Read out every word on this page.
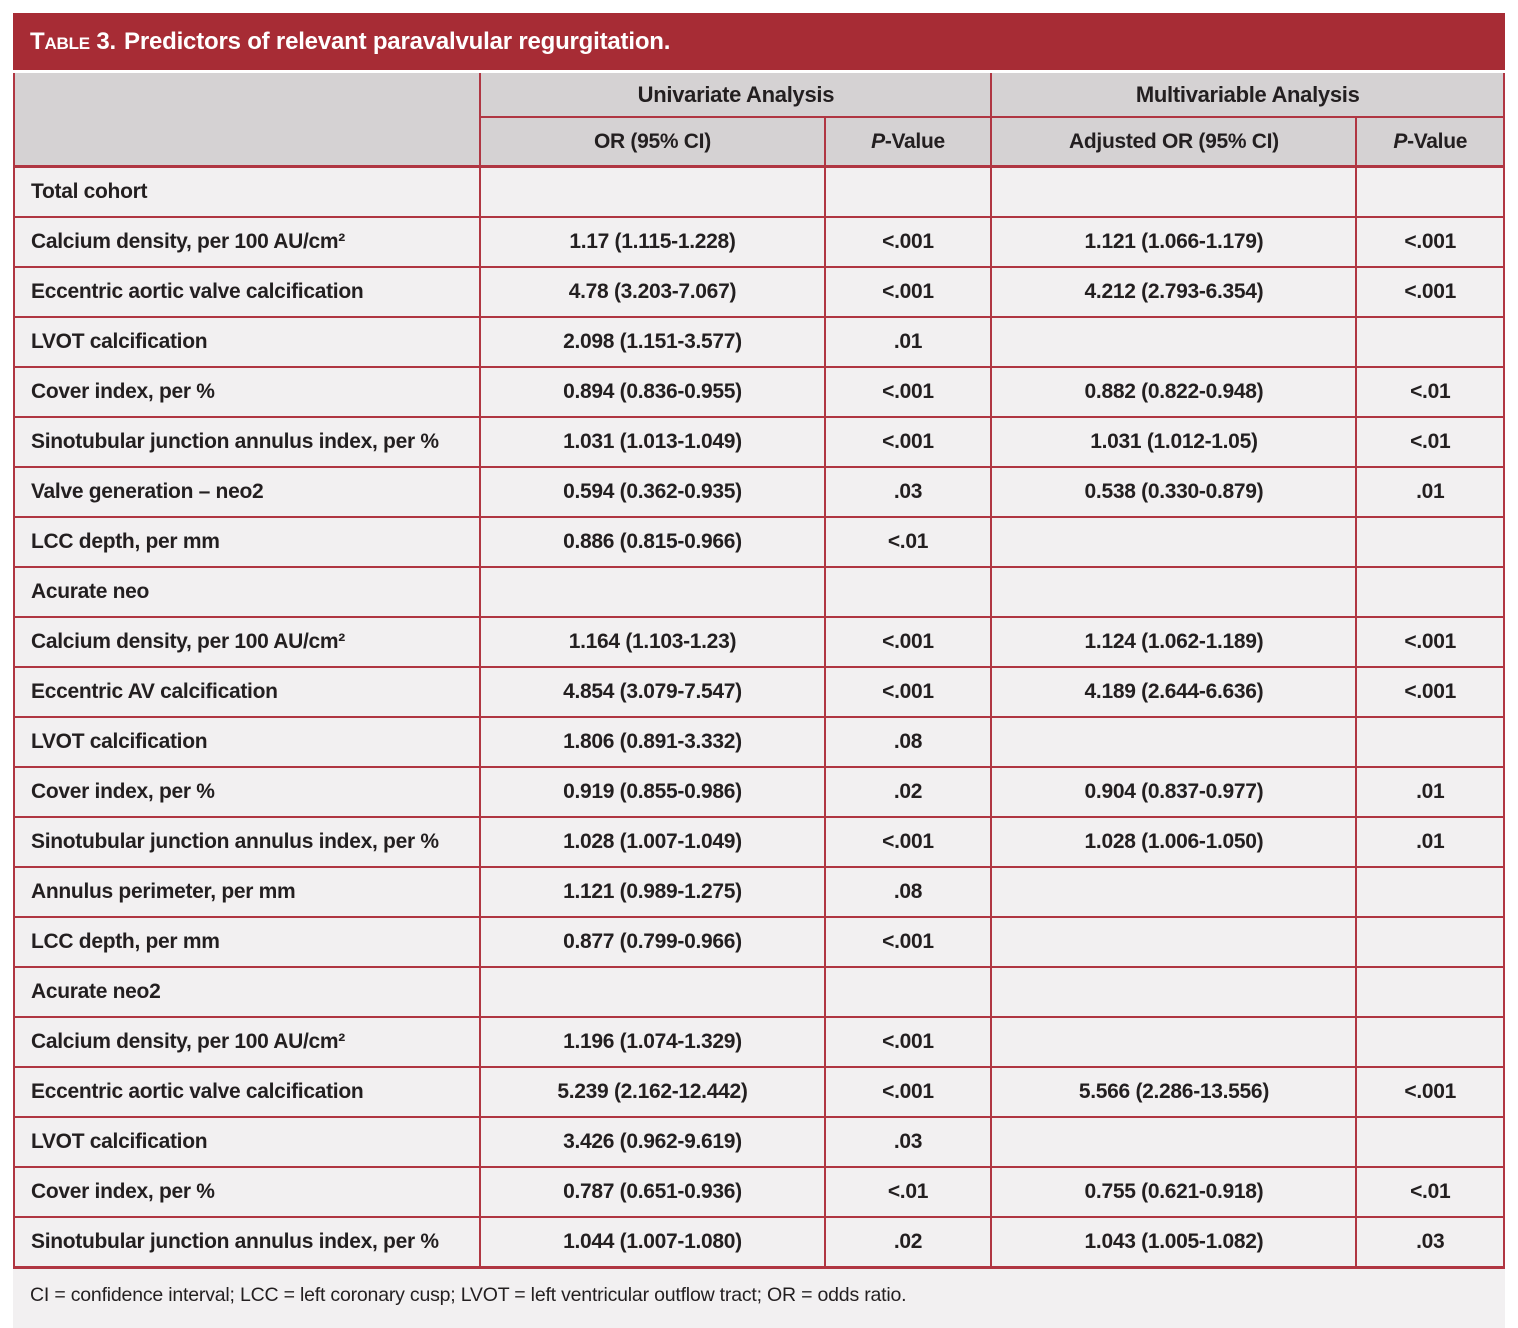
Table 3. Predictors of relevant paravalvular regurgitation.
	Univariate Analysis		Multivariable Analysis	
	OR (95% CI)	P-Value	Adjusted OR (95% CI)	P-Value
Total cohort				
Calcium density, per 100 AU/cm²	1.17 (1.115-1.228)	<.001	1.121 (1.066-1.179)	<.001
Eccentric aortic valve calcification	4.78 (3.203-7.067)	<.001	4.212 (2.793-6.354)	<.001
LVOT calcification	2.098 (1.151-3.577)	.01		
Cover index, per %	0.894 (0.836-0.955)	<.001	0.882 (0.822-0.948)	<.01
Sinotubular junction annulus index, per %	1.031 (1.013-1.049)	<.001	1.031 (1.012-1.05)	<.01
Valve generation – neo2	0.594 (0.362-0.935)	.03	0.538 (0.330-0.879)	.01
LCC depth, per mm	0.886 (0.815-0.966)	<.01		
Acurate neo				
Calcium density, per 100 AU/cm²	1.164 (1.103-1.23)	<.001	1.124 (1.062-1.189)	<.001
Eccentric AV calcification	4.854 (3.079-7.547)	<.001	4.189 (2.644-6.636)	<.001
LVOT calcification	1.806 (0.891-3.332)	.08		
Cover index, per %	0.919 (0.855-0.986)	.02	0.904 (0.837-0.977)	.01
Sinotubular junction annulus index, per %	1.028 (1.007-1.049)	<.001	1.028 (1.006-1.050)	.01
Annulus perimeter, per mm	1.121 (0.989-1.275)	.08		
LCC depth, per mm	0.877 (0.799-0.966)	<.001		
Acurate neo2				
Calcium density, per 100 AU/cm²	1.196 (1.074-1.329)	<.001		
Eccentric aortic valve calcification	5.239 (2.162-12.442)	<.001	5.566 (2.286-13.556)	<.001
LVOT calcification	3.426 (0.962-9.619)	.03		
Cover index, per %	0.787 (0.651-0.936)	<.01	0.755 (0.621-0.918)	<.01
Sinotubular junction annulus index, per %	1.044 (1.007-1.080)	.02	1.043 (1.005-1.082)	.03
CI = confidence interval; LCC = left coronary cusp; LVOT = left ventricular outflow tract; OR = odds ratio.
